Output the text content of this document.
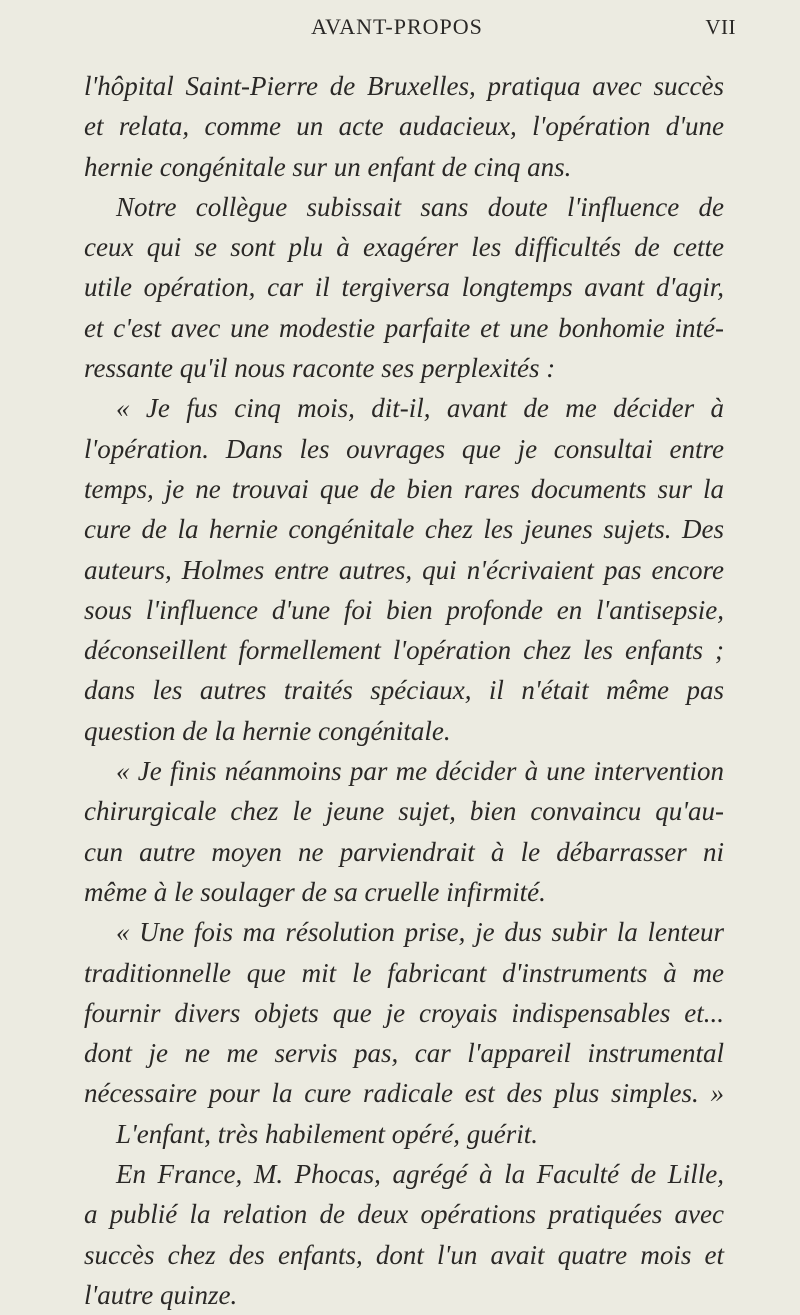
AVANT-PROPOS	VII
l'hôpital Saint-Pierre de Bruxelles, pratiqua avec succès
et relata, comme un acte audacieux, l'opération d'une
hernie congénitale sur un enfant de cinq ans.
Notre collègue subissait sans doute l'influence de
ceux qui se sont plu à exagérer les difficultés de cette
utile opération, car il tergiversa longtemps avant d'agir,
et c'est avec une modestie parfaite et une bonhomie inté-
ressante qu'il nous raconte ses perplexités :
« Je fus cinq mois, dit-il, avant de me décider à
l'opération. Dans les ouvrages que je consultai entre
temps, je ne trouvai que de bien rares documents sur la
cure de la hernie congénitale chez les jeunes sujets. Des
auteurs, Holmes entre autres, qui n'écrivaient pas encore
sous l'influence d'une foi bien profonde en l'antisepsie,
déconseillent formellement l'opération chez les enfants ;
dans les autres traités spéciaux, il n'était même pas
question de la hernie congénitale.
« Je finis néanmoins par me décider à une intervention
chirurgicale chez le jeune sujet, bien convaincu qu'au-
cun autre moyen ne parviendrait à le débarrasser ni
même à le soulager de sa cruelle infirmité.
« Une fois ma résolution prise, je dus subir la lenteur
traditionnelle que mit le fabricant d'instruments à me
fournir divers objets que je croyais indispensables et...
dont je ne me servis pas, car l'appareil instrumental
nécessaire pour la cure radicale est des plus simples. »
L'enfant, très habilement opéré, guérit.
En France, M. Phocas, agrégé à la Faculté de Lille,
a publié la relation de deux opérations pratiquées avec
succès chez des enfants, dont l'un avait quatre mois et
l'autre quinze.
